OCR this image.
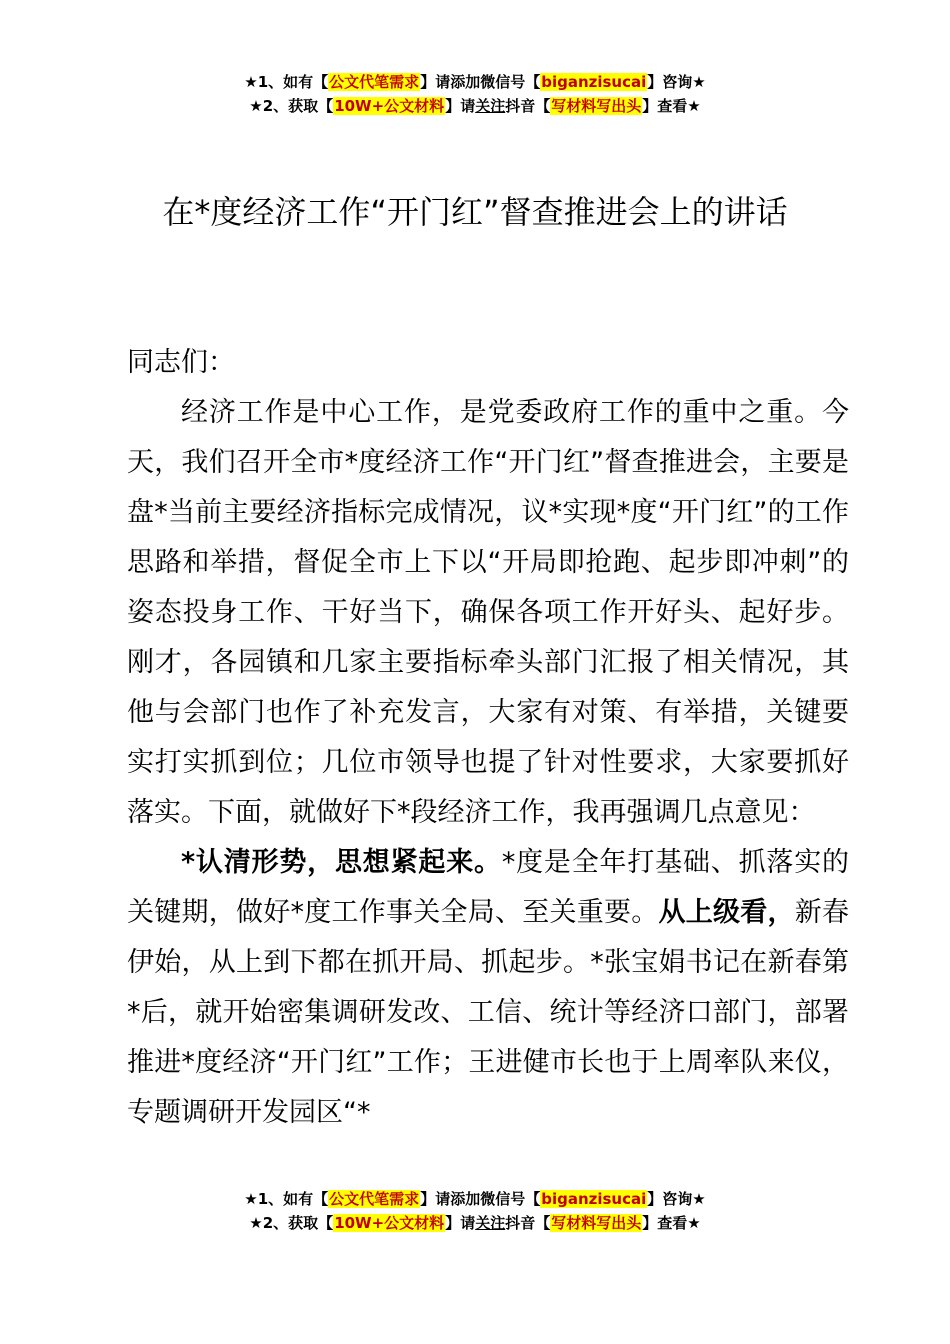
★1、如有【公文代笔需求】请添加微信号【biganzisucai】咨询★
★2、获取【10W+公文材料】请关注抖音【写材料写出头】查看★
在*度经济工作“开门红”督查推进会上的讲话

同志们：

经济工作是中心工作，是党委政府工作的重中之重。今天，我们召开全市*度经济工作“开门红”督查推进会，主要是盘*当前主要经济指标完成情况，议*实现*度“开门红”的工作思路和举措，督促全市上下以“开局即抢跑、起步即冲刺”的姿态投身工作、干好当下，确保各项工作开好头、起好步。刚才，各园镇和几家主要指标牵头部门汇报了相关情况，其他与会部门也作了补充发言，大家有对策、有举措，关键要实打实抓到位；几位市领导也提了针对性要求，大家要抓好落实。下面，就做好下*段经济工作，我再强调几点意见：

*认清形势，思想紧起来。*度是全年打基础、抓落实的关键期，做好*度工作事关全局、至关重要。从上级看，新春伊始，从上到下都在抓开局、抓起步。*张宝娟书记在新春第*后，就开始密集调研发改、工信、统计等经济口部门，部署推进*度经济“开门红”工作；王进健市长也于上周率队来仪，专题调研开发园区“*

★1、如有【公文代笔需求】请添加微信号【biganzisucai】咨询★
★2、获取【10W+公文材料】请关注抖音【写材料写出头】查看★
